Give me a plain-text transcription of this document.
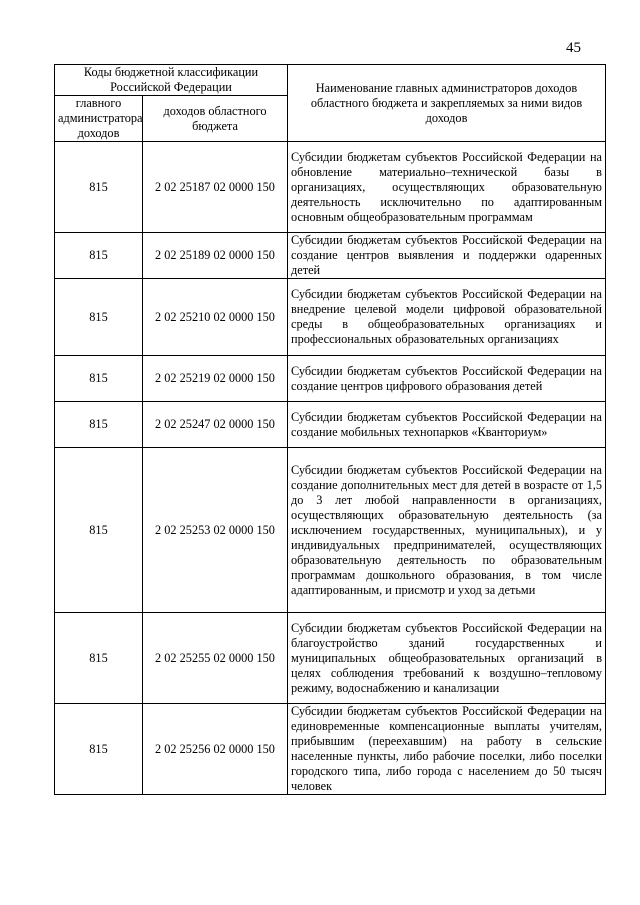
45
Коды бюджетной классификации Российской Федерации		Наименование главных администраторов доходов областного бюджета и закрепляемых за ними видов доходов
главного администратора доходов	доходов областного бюджета	
815	2 02 25187 02 0000 150	Субсидии бюджетам субъектов Российской Федерации на обновление материально–технической базы в организациях, осуществляющих образовательную деятельность исключительно по адаптированным основным общеобразовательным программам
815	2 02 25189 02 0000 150	Субсидии бюджетам субъектов Российской Федерации на создание центров выявления и поддержки одаренных детей
815	2 02 25210 02 0000 150	Субсидии бюджетам субъектов Российской Федерации на внедрение целевой модели цифровой образовательной среды в общеобразовательных организациях и профессиональных образовательных организациях
815	2 02 25219 02 0000 150	Субсидии бюджетам субъектов Российской Федерации на создание центров цифрового образования детей
815	2 02 25247 02 0000 150	Субсидии бюджетам субъектов Российской Федерации на создание мобильных технопарков «Кванториум»
815	2 02 25253 02 0000 150	Субсидии бюджетам субъектов Российской Федерации на создание дополнительных мест для детей в возрасте от 1,5 до 3 лет любой направленности в организациях, осуществляющих образовательную деятельность (за исключением государственных, муниципальных), и у индивидуальных предпринимателей, осуществляющих образовательную деятельность по образовательным программам дошкольного образования, в том числе адаптированным, и присмотр и уход за детьми
815	2 02 25255 02 0000 150	Субсидии бюджетам субъектов Российской Федерации на благоустройство зданий государственных и муниципальных общеобразовательных организаций в целях соблюдения требований к воздушно–тепловому режиму, водоснабжению и канализации
815	2 02 25256 02 0000 150	Субсидии бюджетам субъектов Российской Федерации на единовременные компенсационные выплаты учителям, прибывшим (переехавшим) на работу в сельские населенные пункты, либо рабочие поселки, либо поселки городского типа, либо города с населением до 50 тысяч человек
